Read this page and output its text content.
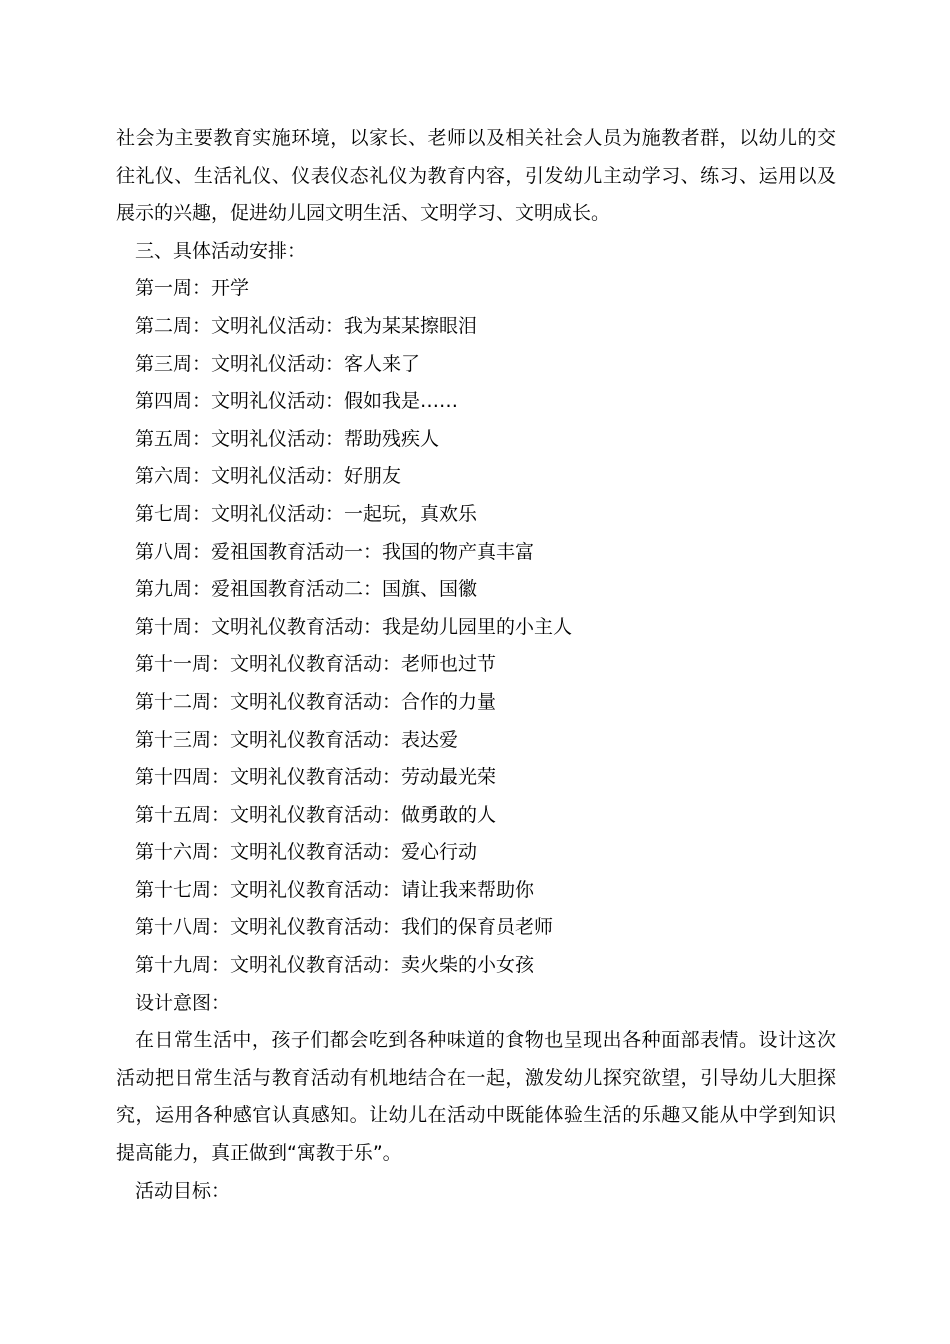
社会为主要教育实施环境，以家长、老师以及相关社会人员为施教者群，以幼儿的交往礼仪、生活礼仪、仪表仪态礼仪为教育内容，引发幼儿主动学习、练习、运用以及展示的兴趣，促进幼儿园文明生活、文明学习、文明成长。

三、具体活动安排：

第一周：开学

第二周：文明礼仪活动：我为某某擦眼泪

第三周：文明礼仪活动：客人来了

第四周：文明礼仪活动：假如我是……

第五周：文明礼仪活动：帮助残疾人

第六周：文明礼仪活动：好朋友

第七周：文明礼仪活动：一起玩，真欢乐

第八周：爱祖国教育活动一：我国的物产真丰富

第九周：爱祖国教育活动二：国旗、国徽

第十周：文明礼仪教育活动：我是幼儿园里的小主人

第十一周：文明礼仪教育活动：老师也过节

第十二周：文明礼仪教育活动：合作的力量

第十三周：文明礼仪教育活动：表达爱

第十四周：文明礼仪教育活动：劳动最光荣

第十五周：文明礼仪教育活动：做勇敢的人

第十六周：文明礼仪教育活动：爱心行动

第十七周：文明礼仪教育活动：请让我来帮助你

第十八周：文明礼仪教育活动：我们的保育员老师

第十九周：文明礼仪教育活动：卖火柴的小女孩

设计意图：

在日常生活中，孩子们都会吃到各种味道的食物也呈现出各种面部表情。设计这次活动把日常生活与教育活动有机地结合在一起，激发幼儿探究欲望，引导幼儿大胆探究，运用各种感官认真感知。让幼儿在活动中既能体验生活的乐趣又能从中学到知识提高能力，真正做到“寓教于乐”。

活动目标：
